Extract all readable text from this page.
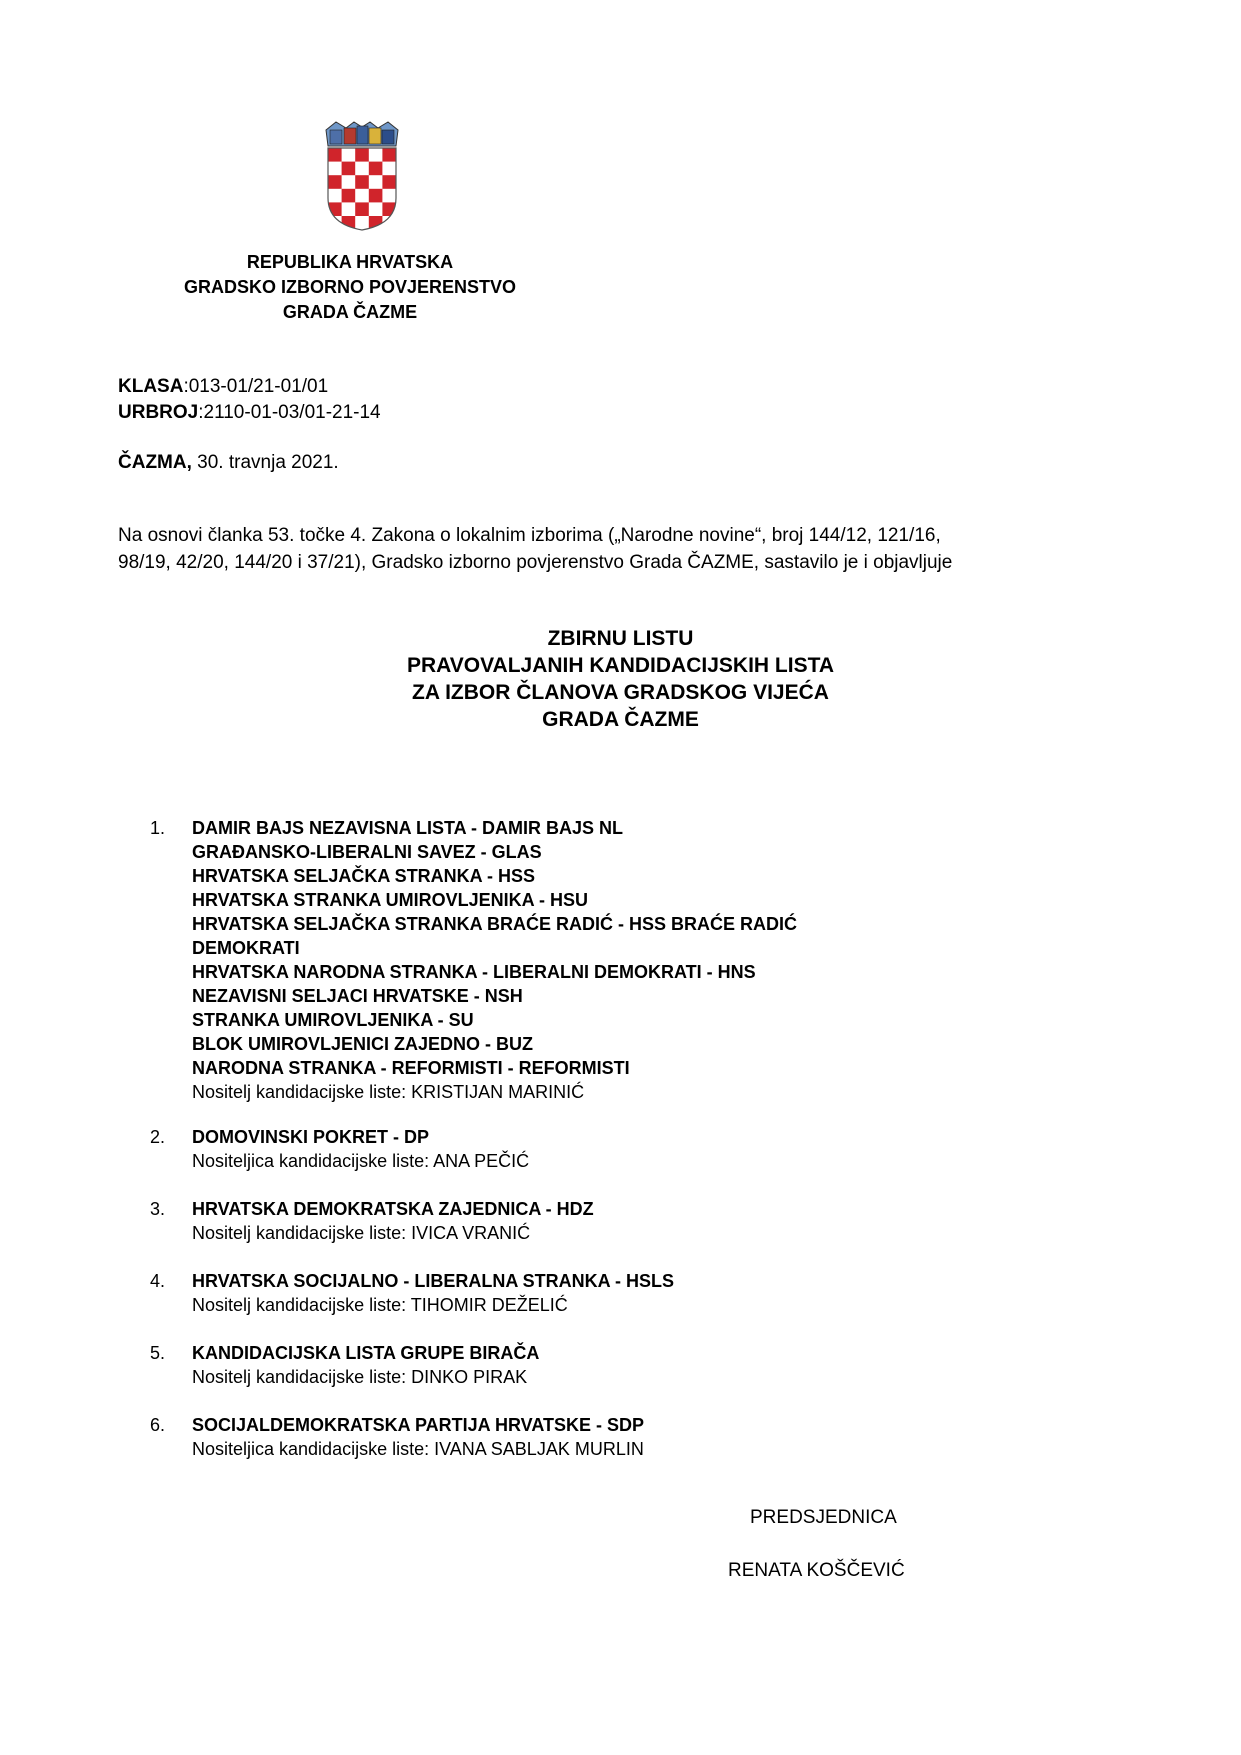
REPUBLIKA HRVATSKA
GRADSKO IZBORNO POVJERENSTVO
GRADA ČAZME
KLASA:013-01/21-01/01
URBROJ:2110-01-03/01-21-14
ČAZMA, 30. travnja 2021.
Na osnovi članka 53. točke 4. Zakona o lokalnim izborima („Narodne novine“, broj 144/12, 121/16,
98/19, 42/20, 144/20 i 37/21), Gradsko izborno povjerenstvo Grada ČAZME, sastavilo je i objavljuje
ZBIRNU LISTU
PRAVOVALJANIH KANDIDACIJSKIH LISTA
ZA IZBOR ČLANOVA GRADSKOG VIJEĆA
GRADA ČAZME
1. DAMIR BAJS NEZAVISNA LISTA - DAMIR BAJS NL
GRAĐANSKO-LIBERALNI SAVEZ - GLAS
HRVATSKA SELJAČKA STRANKA - HSS
HRVATSKA STRANKA UMIROVLJENIKA - HSU
HRVATSKA SELJAČKA STRANKA BRAĆE RADIĆ - HSS BRAĆE RADIĆ
DEMOKRATI
HRVATSKA NARODNA STRANKA - LIBERALNI DEMOKRATI - HNS
NEZAVISNI SELJACI HRVATSKE - NSH
STRANKA UMIROVLJENIKA - SU
BLOK UMIROVLJENICI ZAJEDNO - BUZ
NARODNA STRANKA - REFORMISTI - REFORMISTI
Nositelj kandidacijske liste: KRISTIJAN MARINIĆ
2. DOMOVINSKI POKRET - DP
Nositeljica kandidacijske liste: ANA PEČIĆ
3. HRVATSKA DEMOKRATSKA ZAJEDNICA - HDZ
Nositelj kandidacijske liste: IVICA VRANIĆ
4. HRVATSKA SOCIJALNO - LIBERALNA STRANKA - HSLS
Nositelj kandidacijske liste: TIHOMIR DEŽELIĆ
5. KANDIDACIJSKA LISTA GRUPE BIRAČA
Nositelj kandidacijske liste: DINKO PIRAK
6. SOCIJALDEMOKRATSKA PARTIJA HRVATSKE - SDP
Nositeljica kandidacijske liste: IVANA SABLJAK MURLIN
PREDSJEDNICA
RENATA KOŠČEVIĆ
